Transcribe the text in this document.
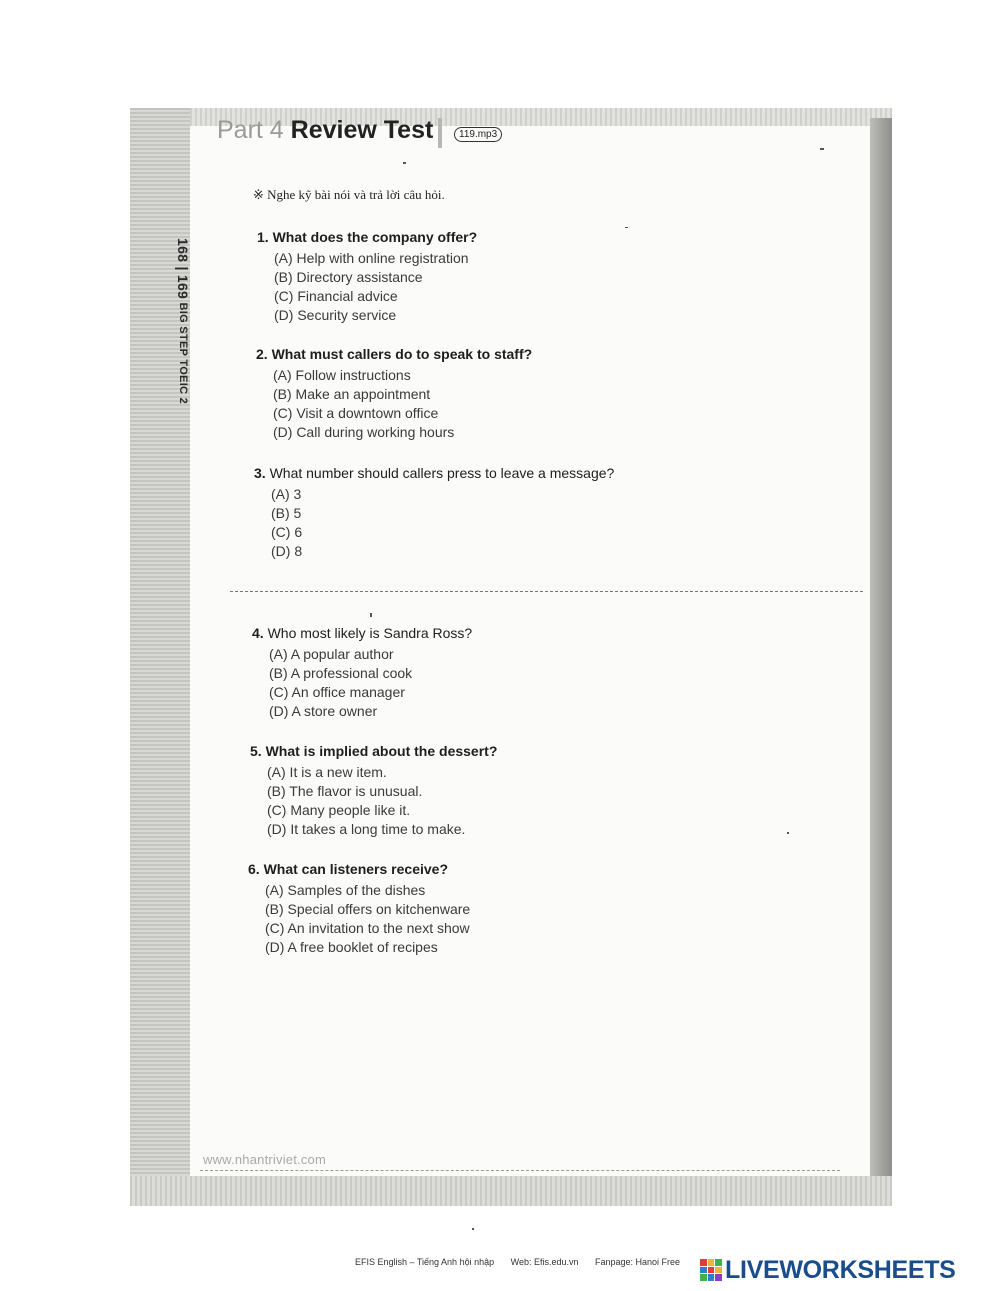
168 | 169 BIG STEP TOEIC 2
Part 4 Review Test	119.mp3
※ Nghe kỹ bài nói và trả lời câu hỏi.
1. What does the company offer?
(A) Help with online registration
(B) Directory assistance
(C) Financial advice
(D) Security service
2. What must callers do to speak to staff?
(A) Follow instructions
(B) Make an appointment
(C) Visit a downtown office
(D) Call during working hours
3. What number should callers press to leave a message?
(A) 3
(B) 5
(C) 6
(D) 8
4. Who most likely is Sandra Ross?
(A) A popular author
(B) A professional cook
(C) An office manager
(D) A store owner
5. What is implied about the dessert?
(A) It is a new item.
(B) The flavor is unusual.
(C) Many people like it.
(D) It takes a long time to make.
6. What can listeners receive?
(A) Samples of the dishes
(B) Special offers on kitchenware
(C) An invitation to the next show
(D) A free booklet of recipes
www.nhantriviet.com
EFIS English – Tiếng Anh hội nhập Web: Efis.edu.vn Fanpage: Hanoi Free	LIVEWORKSHEETS
